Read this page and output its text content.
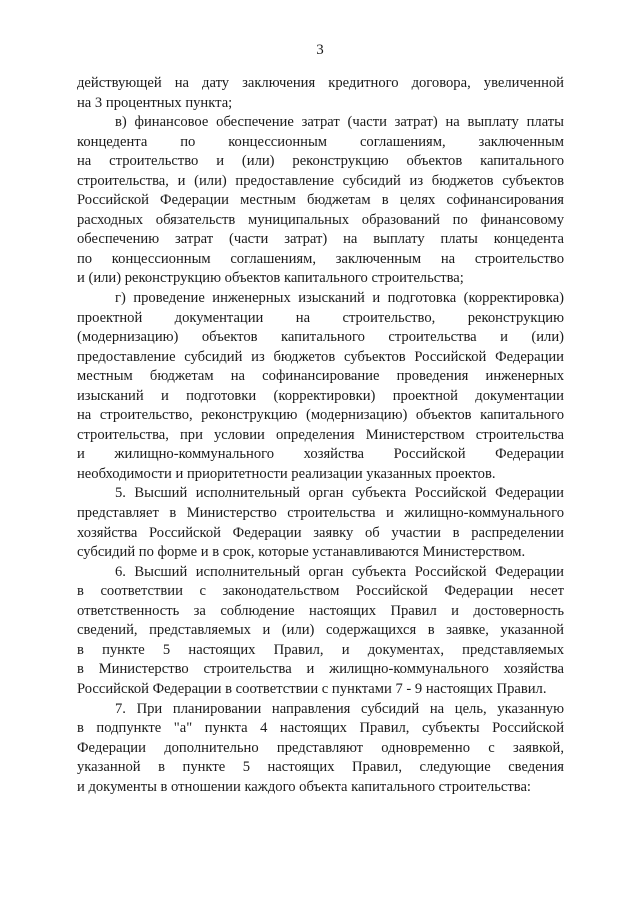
3
действующей на дату заключения кредитного договора, увеличенной
на 3 процентных пункта;
в) финансовое обеспечение затрат (части затрат) на выплату платы
концедента по концессионным соглашениям, заключенным
на строительство и (или) реконструкцию объектов капитального
строительства, и (или) предоставление субсидий из бюджетов субъектов
Российской Федерации местным бюджетам в целях софинансирования
расходных обязательств муниципальных образований по финансовому
обеспечению затрат (части затрат) на выплату платы концедента
по концессионным соглашениям, заключенным на строительство
и (или) реконструкцию объектов капитального строительства;
г) проведение инженерных изысканий и подготовка (корректировка)
проектной документации на строительство, реконструкцию
(модернизацию) объектов капитального строительства и (или)
предоставление субсидий из бюджетов субъектов Российской Федерации
местным бюджетам на софинансирование проведения инженерных
изысканий и подготовки (корректировки) проектной документации
на строительство, реконструкцию (модернизацию) объектов капитального
строительства, при условии определения Министерством строительства
и жилищно-коммунального хозяйства Российской Федерации
необходимости и приоритетности реализации указанных проектов.
5. Высший исполнительный орган субъекта Российской Федерации
представляет в Министерство строительства и жилищно-коммунального
хозяйства Российской Федерации заявку об участии в распределении
субсидий по форме и в срок, которые устанавливаются Министерством.
6. Высший исполнительный орган субъекта Российской Федерации
в соответствии с законодательством Российской Федерации несет
ответственность за соблюдение настоящих Правил и достоверность
сведений, представляемых и (или) содержащихся в заявке, указанной
в пункте 5 настоящих Правил, и документах, представляемых
в Министерство строительства и жилищно-коммунального хозяйства
Российской Федерации в соответствии с пунктами 7 - 9 настоящих Правил.
7. При планировании направления субсидий на цель, указанную
в подпункте "а" пункта 4 настоящих Правил, субъекты Российской
Федерации дополнительно представляют одновременно с заявкой,
указанной в пункте 5 настоящих Правил, следующие сведения
и документы в отношении каждого объекта капитального строительства:
